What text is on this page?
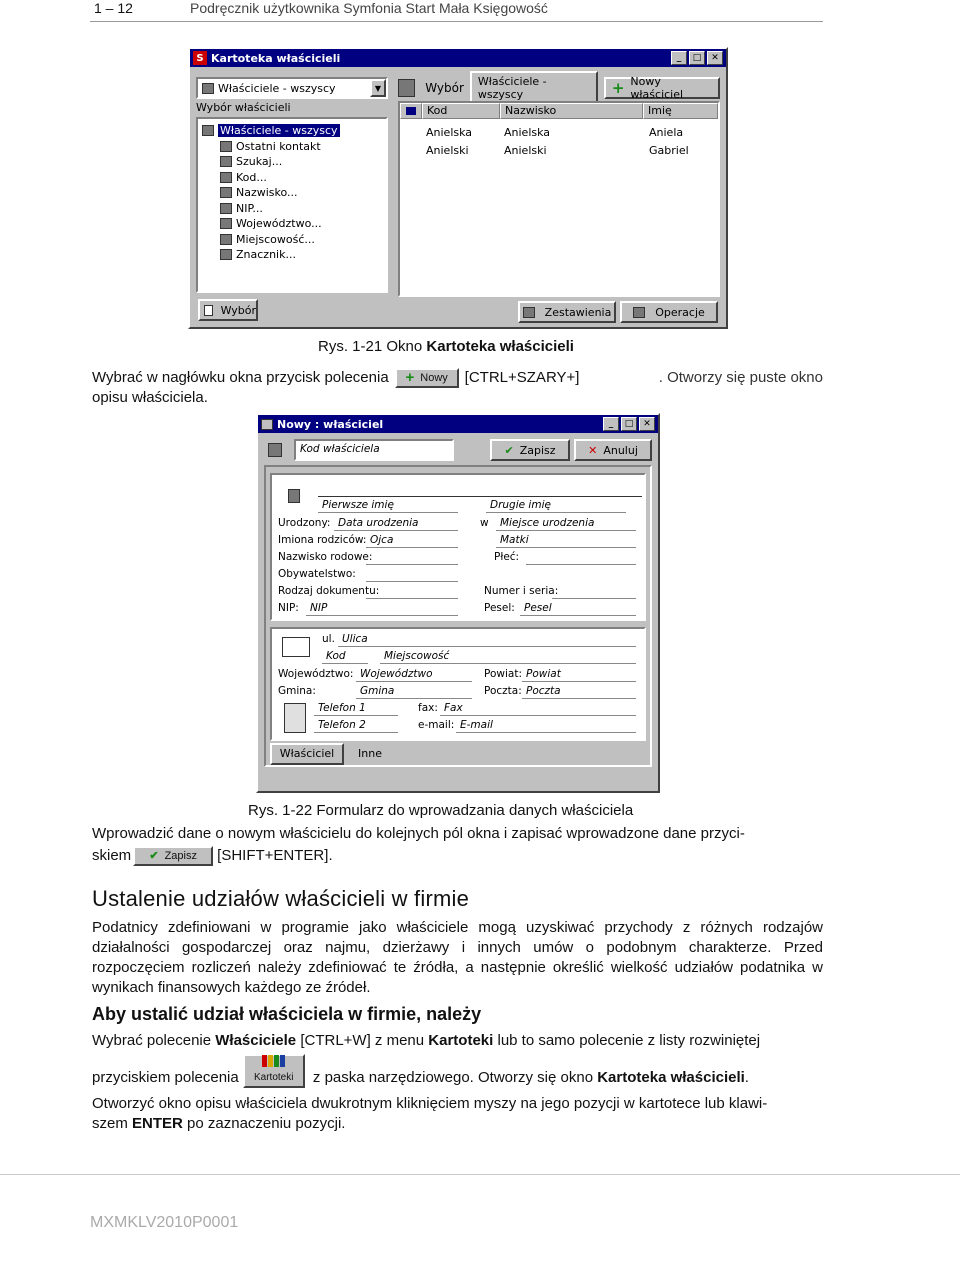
1 – 12	Podręcznik użytkownika Symfonia Start Mała Księgowość
S Kartoteka właścicieli	_	□	✕
Właściciele - wszyscy	▼
Wybór właścicieli
Właściciele - wszyscy
Ostatni kontakt
Szukaj...
Kod...
Nazwisko...
NIP...
Województwo...
Miejscowość...
Znacznik...
Wybór
Wybór	Właściciele - wszyscy	+ Nowy właściciel
Kod	Nazwisko	Imię
Anielska	Anielska	Aniela
Anielski	Anielski	Gabriel
Zestawienia	Operacje
Rys. 1-21 Okno Kartoteka właścicieli
Wybrać w nagłówku okna przycisk polecenia + Nowy [CTRL+SZARY+]	. Otworzy się puste okno
opisu właściciela.
Nowy : właściciel	_	□	✕
Kod właściciela	✔ Zapisz	✕ Anuluj
Pierwsze imię	Drugie imię
Urodzony: Data urodzenia	w	Miejsce urodzenia
Imiona rodziców: Ojca	Matki
Nazwisko rodowe:	Płeć:
Obywatelstwo:
Rodzaj dokumentu:	Numer i seria:
NIP:	NIP	Pesel: Pesel
ul. Ulica
Kod	Miejscowość
Województwo: Województwo	Powiat: Powiat
Gmina:	Gmina	Poczta: Poczta
Telefon 1	fax: Fax
Telefon 2	e-mail: E-mail
Właściciel	Inne
Rys. 1-22 Formularz do wprowadzania danych właściciela
Wprowadzić dane o nowym właścicielu do kolejnych pól okna i zapisać wprowadzone dane przyci-
skiem ✔ Zapisz [SHIFT+ENTER] .
Ustalenie udziałów właścicieli w firmie
Podatnicy zdefiniowani w programie jako właściciele mogą uzyskiwać przychody z różnych rodzajów działalności gospodarczej oraz najmu, dzierżawy i innych umów o podobnym charakterze. Przed rozpoczęciem rozliczeń należy zdefiniować te źródła, a następnie określić wielkość udziałów podatnika w wynikach finansowych każdego ze źródeł.
Aby ustalić udział właściciela w firmie, należy
Wybrać polecenie Właściciele [CTRL+W] z menu Kartoteki lub to samo polecenie z listy rozwiniętej
przyciskiem polecenia Kartoteki z paska narzędziowego. Otworzy się okno Kartoteka właścicieli .
Otworzyć okno opisu właściciela dwukrotnym kliknięciem myszy na jego pozycji w kartotece lub klawi-
szem ENTER po zaznaczeniu pozycji.
MXMKLV2010P0001
